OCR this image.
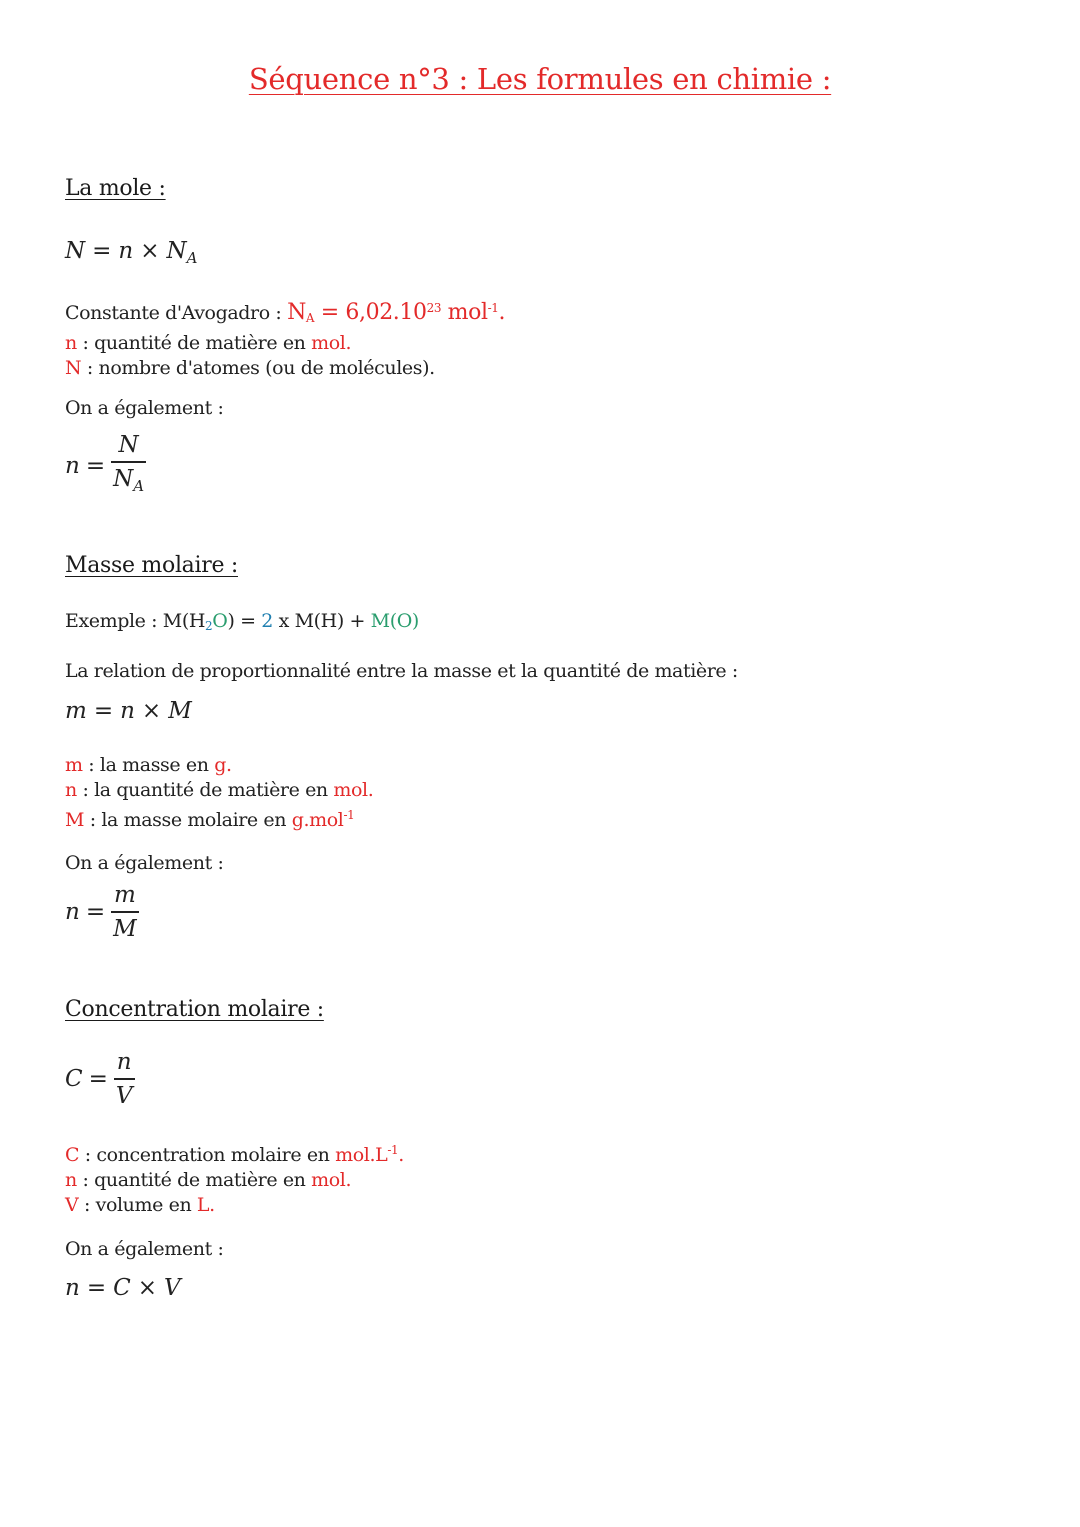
Séquence n°3 : Les formules en chimie :
La mole :
$N = n \times N_A$
Constante d'Avogadro : $N_A = 6,02.10^{23}$ mol$^{-1}$.
n : quantité de matière en mol.
N : nombre d'atomes (ou de molécules).
On a également :
$n = \frac{N}{N_A}$
Masse molaire :
Exemple : $M(H_2O) = 2$ x M(H) + M(O)
La relation de proportionnalité entre la masse et la quantité de matière :
m = n × M
m : la masse en g.
n : la quantité de matière en mol.
M : la masse molaire en g.mol$^{-1}$
On a également :
$n = \frac{m}{M}$
Concentration molaire :
$C = \frac{n}{V}$
C : concentration molaire en $mol.L^{-1}$.
n : quantité de matière en mol.
V : volume en L.
On a également :
n = C × V
